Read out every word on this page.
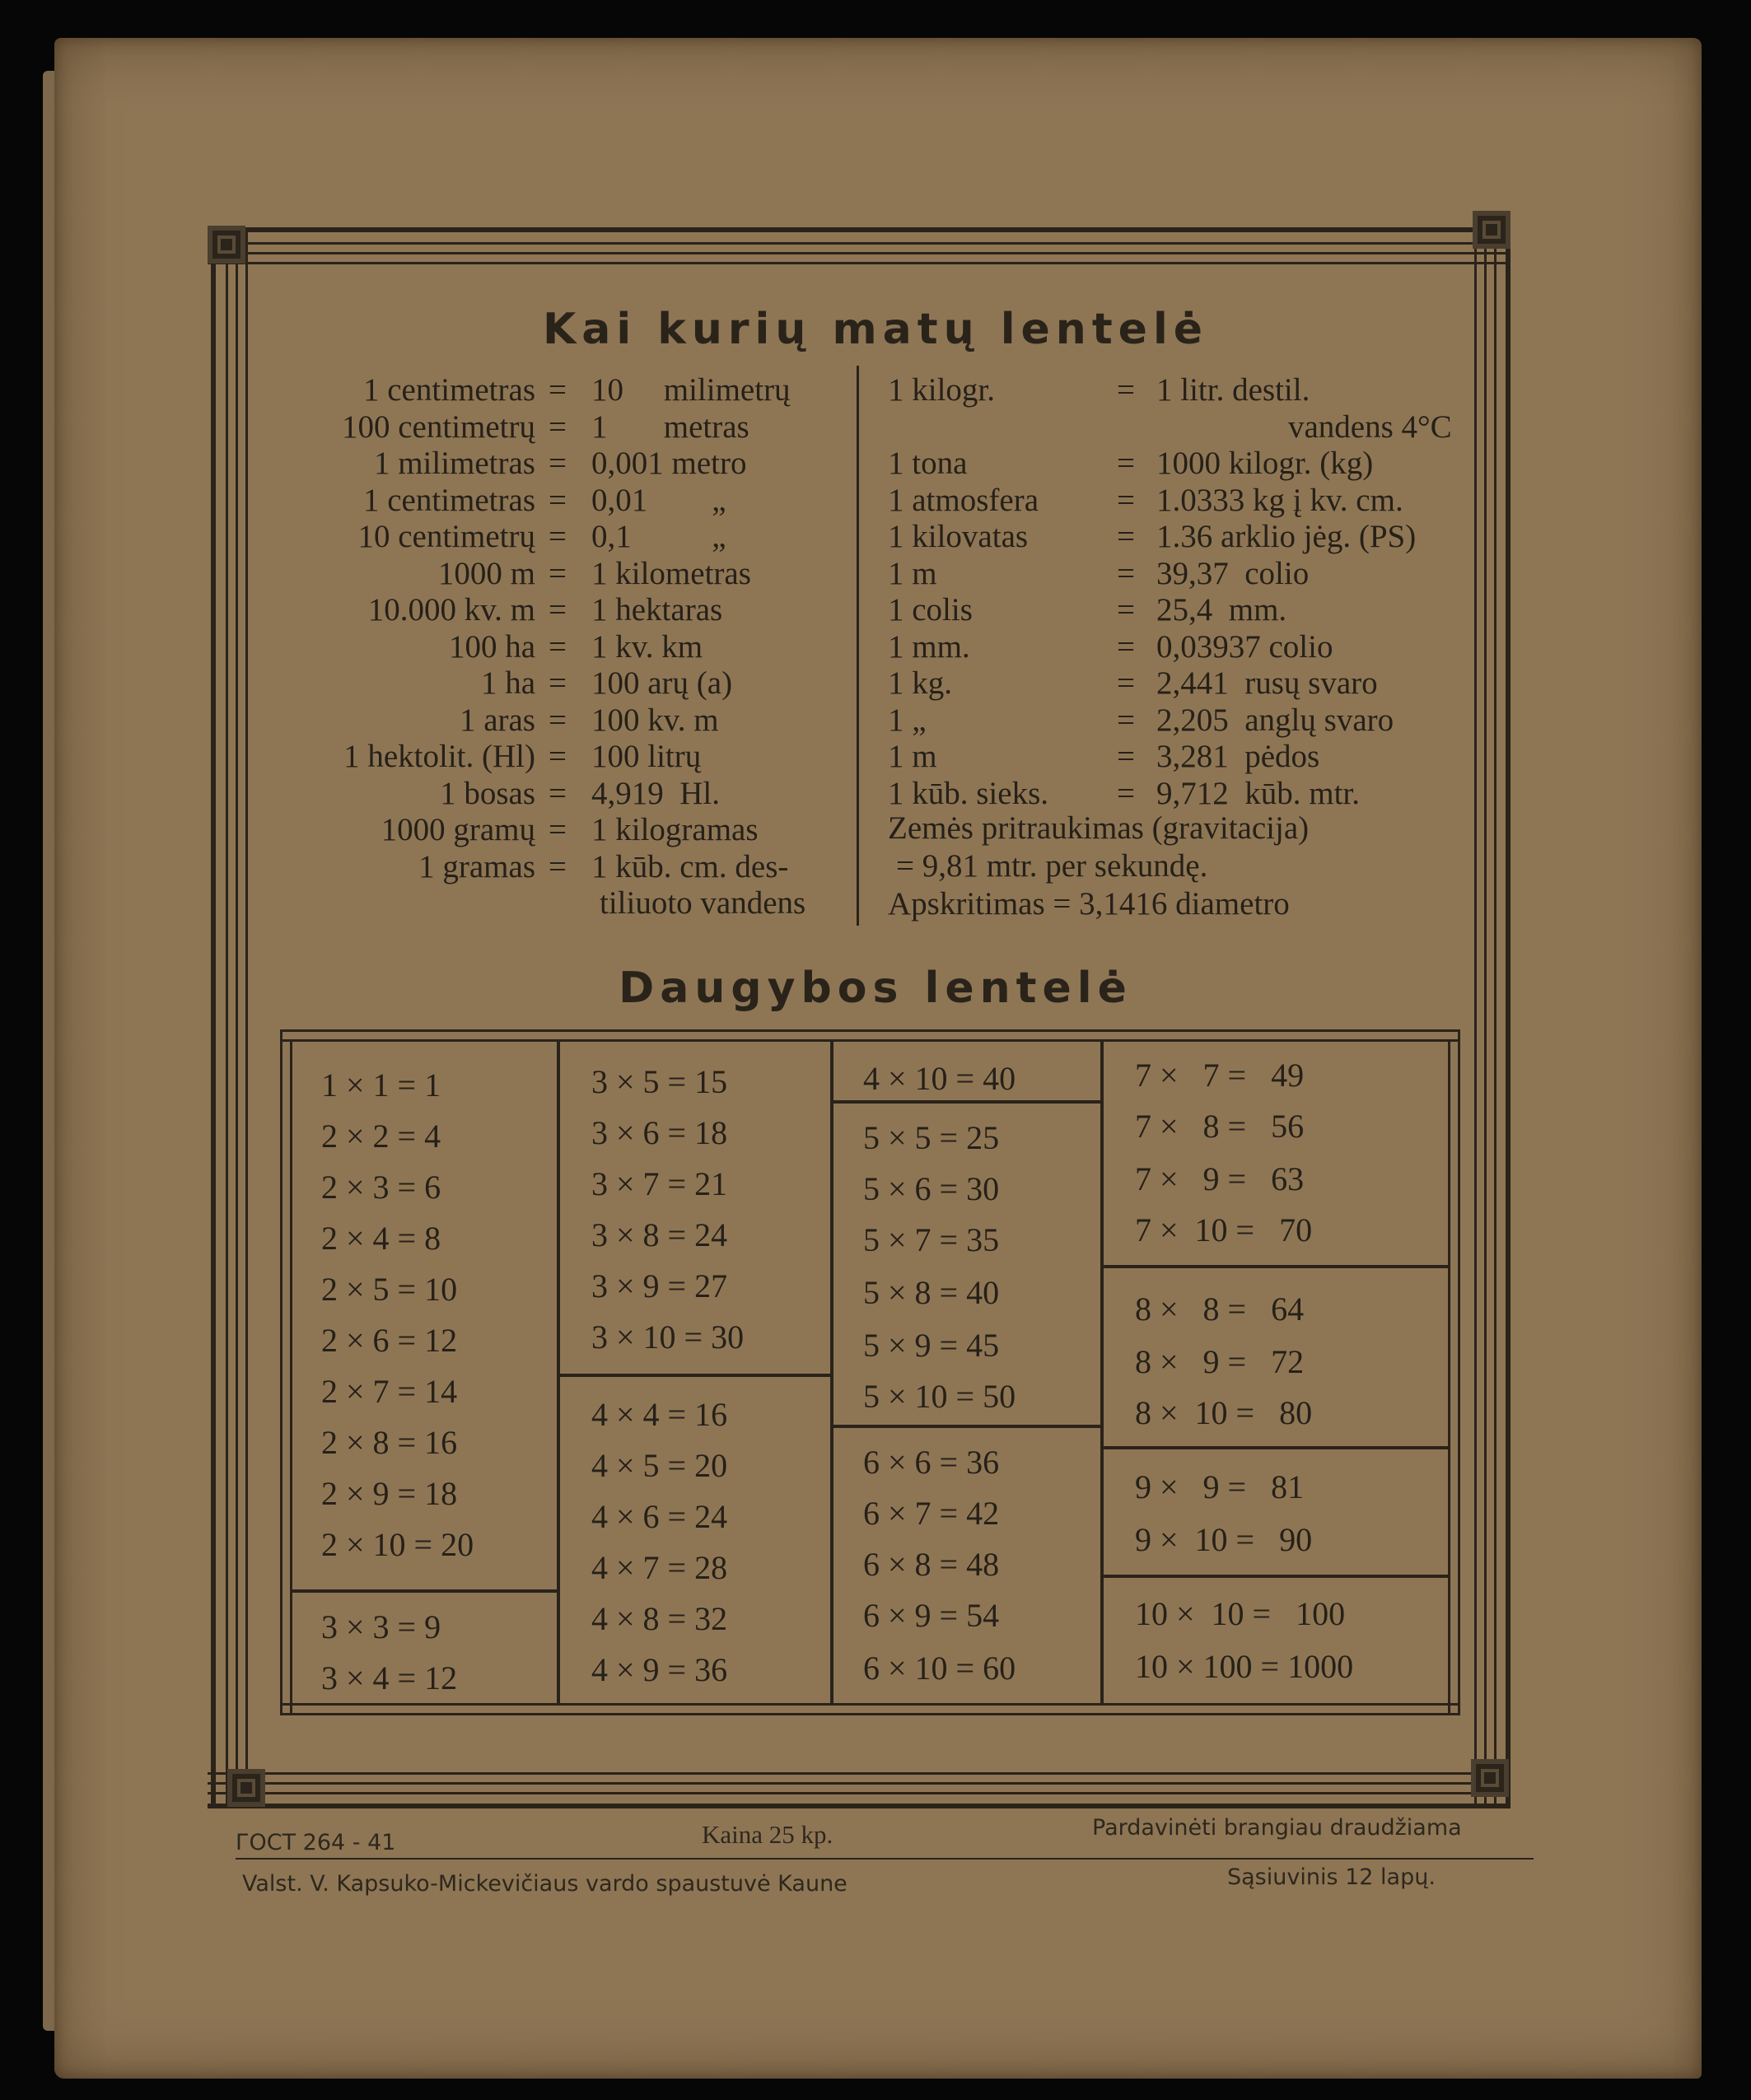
Kai kurių matų lentelė
1 centimetras = 10     milimetrų
100 centimetrų = 1       metras
1 milimetras = 0,001 metro
1 centimetras = 0,01        „
10 centimetrų = 0,1          „
1000 m = 1 kilometras
10.000 kv. m = 1 hektaras
100 ha = 1 kv. km
1 ha = 100 arų (a)
1 aras = 100 kv. m
1 hektolit. (Hl) = 100 litrų
1 bosas = 4,919  Hl.
1000 gramų = 1 kilogramas
1 gramas = 1 kūb. cm. des-
tiliuoto vandens
1 kilogr.	= 1 litr. destil.
vandens 4°C
1 tona	= 1000 kilogr. (kg)
1 atmosfera = 1.0333 kg į kv. cm.
1 kilovatas	= 1.36 arklio jėg. (PS)
1 m	= 39,37  colio
1 colis	= 25,4  mm.
1 mm.	= 0,03937 colio
1 kg.	= 2,441  rusų svaro
1 „	= 2,205  anglų svaro
1 m	= 3,281  pėdos
1 kūb. sieks. = 9,712  kūb. mtr.
Zemės pritraukimas (gravitacija)
= 9,81 mtr. per sekundę.
Apskritimas = 3,1416 diametro
Daugybos lentelė
1 × 1 = 1
2 × 2 = 4
2 × 3 = 6
2 × 4 = 8
2 × 5 = 10
2 × 6 = 12
2 × 7 = 14
2 × 8 = 16
2 × 9 = 18
2 × 10 = 20
3 × 3 = 9
3 × 4 = 12
3 × 5 = 15
3 × 6 = 18
3 × 7 = 21
3 × 8 = 24
3 × 9 = 27
3 × 10 = 30
4 × 4 = 16
4 × 5 = 20
4 × 6 = 24
4 × 7 = 28
4 × 8 = 32
4 × 9 = 36
4 × 10 = 40
5 × 5 = 25
5 × 6 = 30
5 × 7 = 35
5 × 8 = 40
5 × 9 = 45
5 × 10 = 50
6 × 6 = 36
6 × 7 = 42
6 × 8 = 48
6 × 9 = 54
6 × 10 = 60
7 ×   7 =   49
7 ×   8 =   56
7 ×   9 =   63
7 ×  10 =   70
8 ×   8 =   64
8 ×   9 =   72
8 ×  10 =   80
9 ×   9 =   81
9 ×  10 =   90
10 ×  10 =   100
10 × 100 = 1000
ГОСТ 264 - 41	Kaina 25 kp.	Pardavinėti brangiau draudžiama
Valst. V. Kapsuko-Mickevičiaus vardo spaustuvė Kaune	Sąsiuvinis 12 lapų.
